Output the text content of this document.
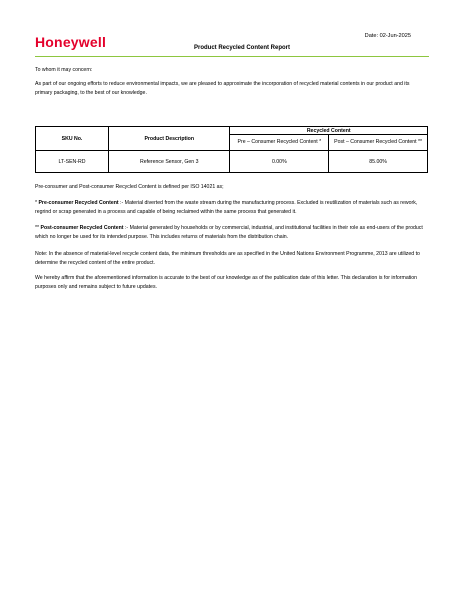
Honeywell	Date: 02-Jun-2025
Product Recycled Content Report

To whom it may concern:

As part of our ongoing efforts to reduce environmental impacts, we are pleased to approximate the incorporation of recycled material contents in our product and its primary packaging, to the best of our knowledge.

SKU No.	Product Description	Recycled Content	
		Pre – Consumer Recycled Content *	Post – Consumer Recycled Content **
LT-SEN-RD	Reference Sensor, Gen 3	0.00%	85.00%

Pre-consumer and Post-consumer Recycled Content is defined per ISO 14021 as;

* Pre-consumer Recycled Content :- Material diverted from the waste stream during the manufacturing process. Excluded is reutilization of materials such as rework, regrind or scrap generated in a process and capable of being reclaimed within the same process that generated it.

** Post-consumer Recycled Content :- Material generated by households or by commercial, industrial, and institutional facilities in their role as end-users of the product which no longer be used for its intended purpose. This includes returns of materials from the distribution chain.

Note: In the absence of material-level recycle content data, the minimum thresholds are as specified in the United Nations Environment Programme, 2013 are utilized to determine the recycled content of the entire product.

We hereby affirm that the aforementioned information is accurate to the best of our knowledge as of the publication date of this letter. This declaration is for information purposes only and remains subject to future updates.
